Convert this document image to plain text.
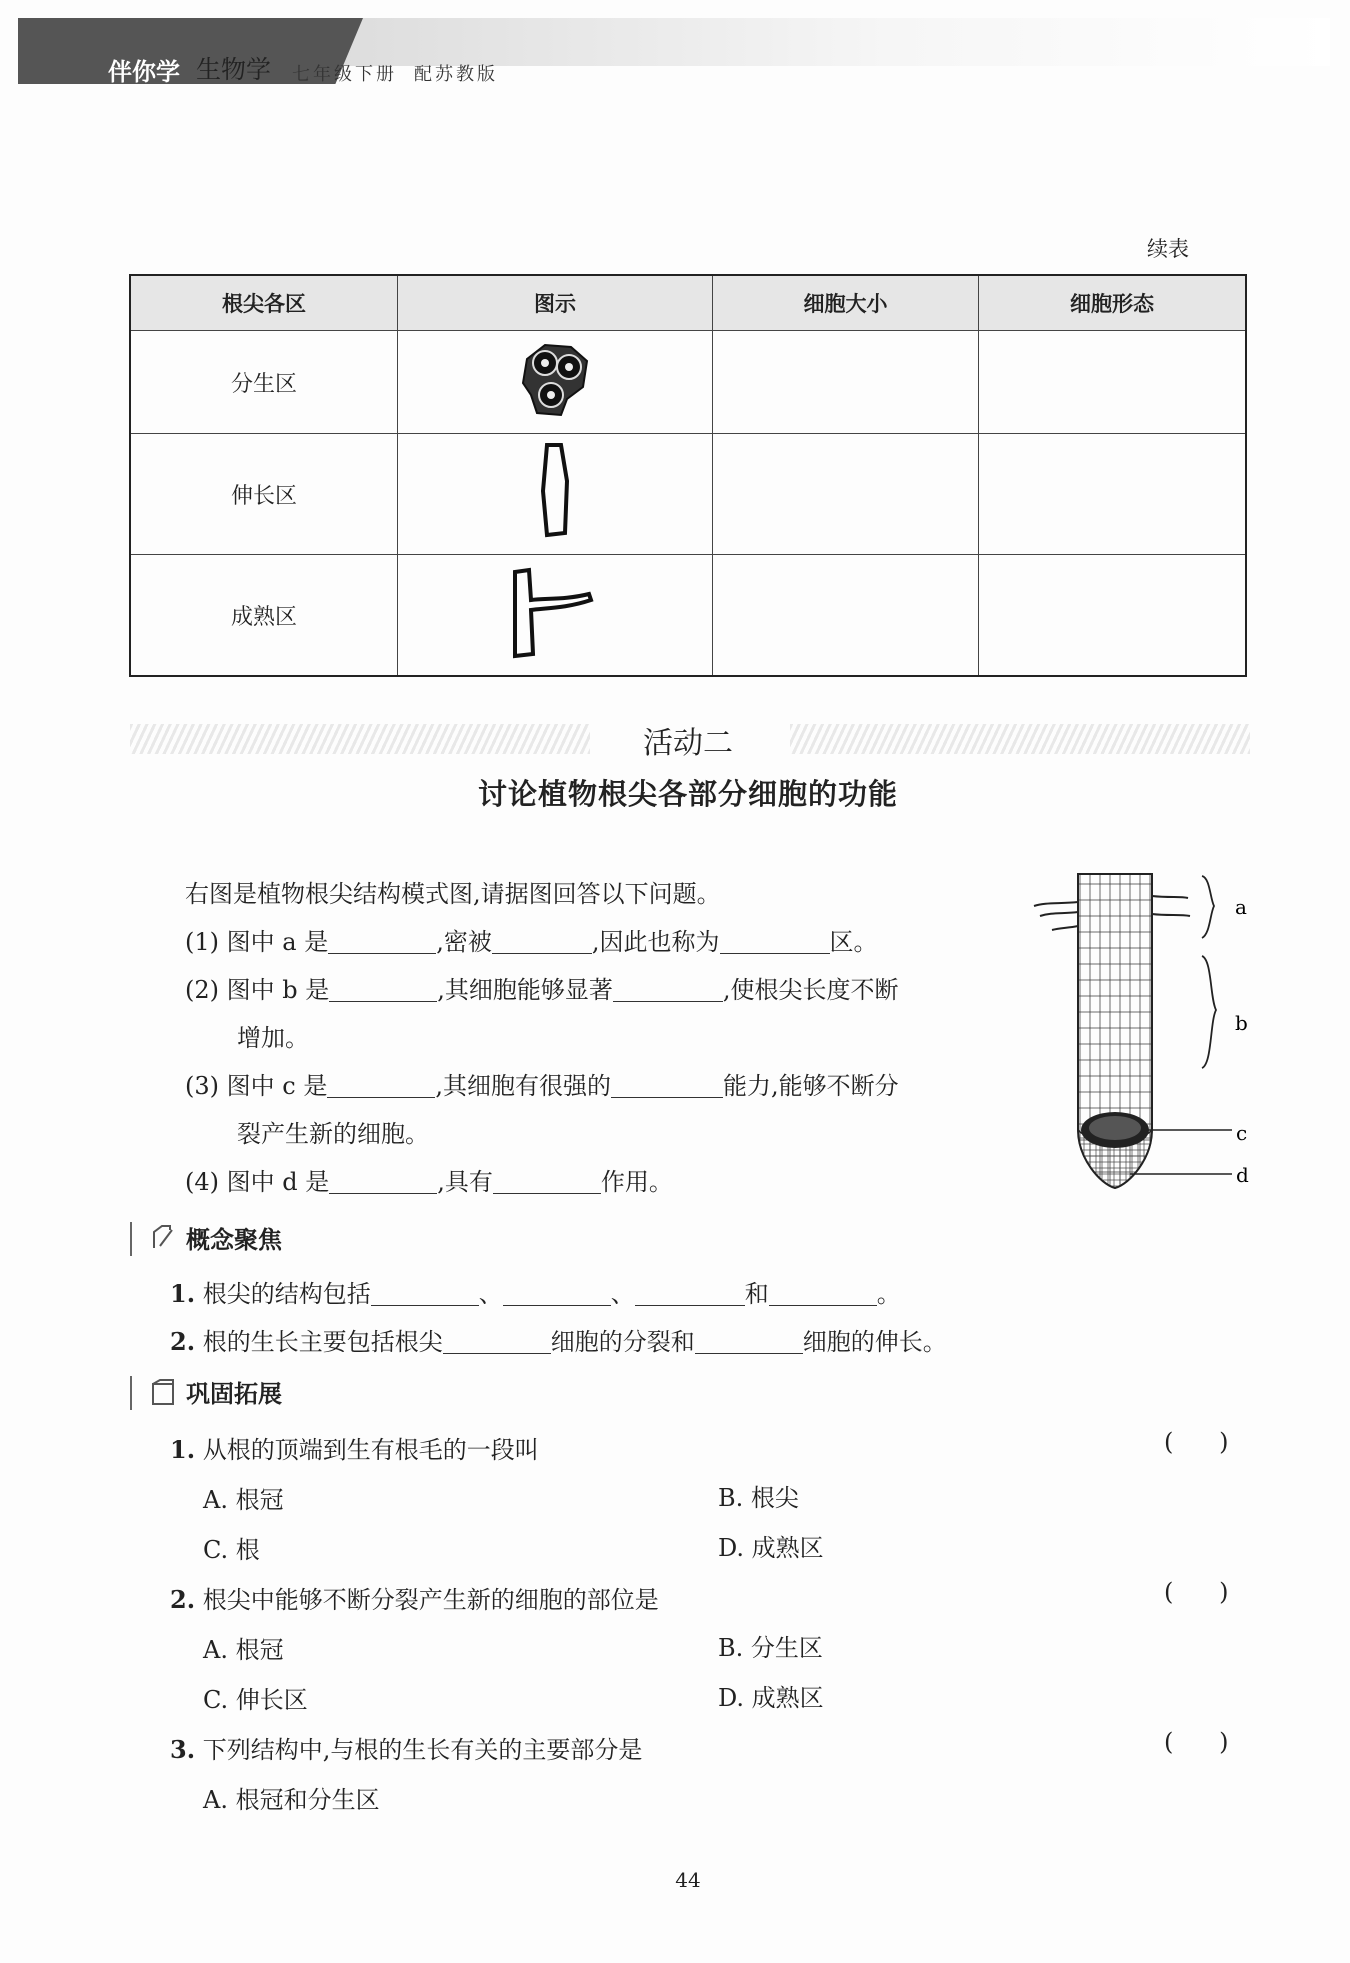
伴你学 生物学 七年级下册 配苏教版
续表
根尖各区	图示	细胞大小	细胞形态
分生区			
伸长区			
成熟区			
活动二
讨论植物根尖各部分细胞的功能
右图是植物根尖结构模式图,请据图回答以下问题。
(1) 图中 a 是	,密被	,因此也称为	区。
(2) 图中 b 是	,其细胞能够显著	,使根尖长度不断
增加。
(3) 图中 c 是	,其细胞有很强的	能力,能够不断分
裂产生新的细胞。
(4) 图中 d 是	,具有	作用。
a
b
c
d
概念聚焦
1. 根尖的结构包括	、	、	和	。
2. 根的生长主要包括根尖	细胞的分裂和	细胞的伸长。
巩固拓展
1. 从根的顶端到生有根毛的一段叫	(      )
A. 根冠	B. 根尖
C. 根	D. 成熟区
2. 根尖中能够不断分裂产生新的细胞的部位是	(      )
A. 根冠	B. 分生区
C. 伸长区	D. 成熟区
3. 下列结构中,与根的生长有关的主要部分是	(      )
A. 根冠和分生区
44
